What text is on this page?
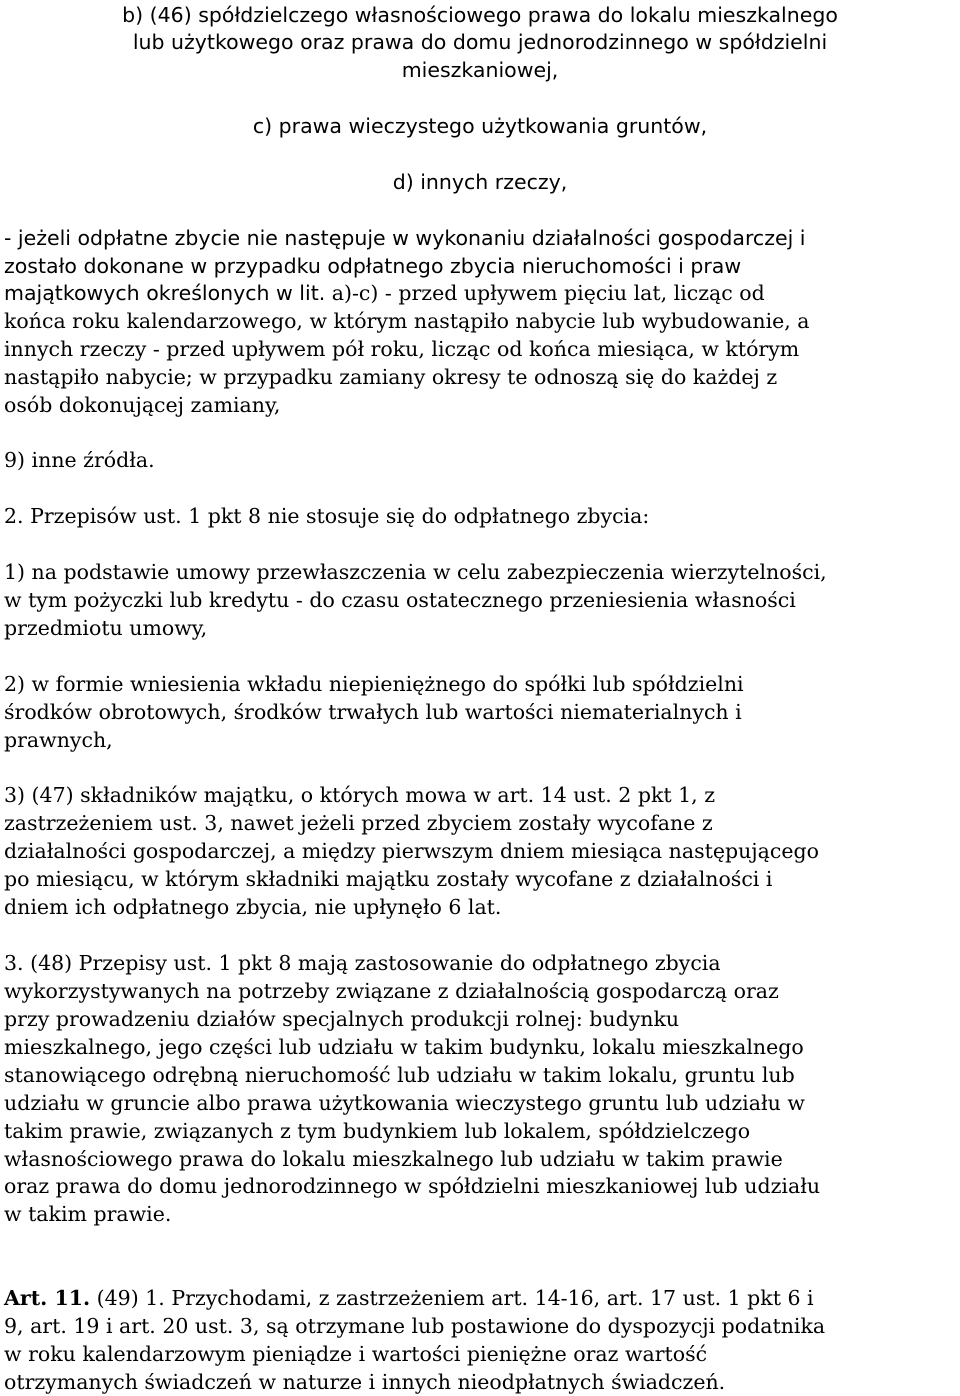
b) (46) spółdzielczego własnościowego prawa do lokalu mieszkalnego
lub użytkowego oraz prawa do domu jednorodzinnego w spółdzielni
mieszkaniowej,
c) prawa wieczystego użytkowania gruntów,
d) innych rzeczy,
- jeżeli odpłatne zbycie nie następuje w wykonaniu działalności gospodarczej i
zostało dokonane w przypadku odpłatnego zbycia nieruchomości i praw
majątkowych określonych w lit. a)-c) - przed upływem pięciu lat, licząc od
końca roku kalendarzowego, w którym nastąpiło nabycie lub wybudowanie, a
innych rzeczy - przed upływem pół roku, licząc od końca miesiąca, w którym
nastąpiło nabycie; w przypadku zamiany okresy te odnoszą się do każdej z
osób dokonującej zamiany,
9) inne źródła.
2. Przepisów ust. 1 pkt 8 nie stosuje się do odpłatnego zbycia:
1) na podstawie umowy przewłaszczenia w celu zabezpieczenia wierzytelności,
w tym pożyczki lub kredytu - do czasu ostatecznego przeniesienia własności
przedmiotu umowy,
2) w formie wniesienia wkładu niepieniężnego do spółki lub spółdzielni
środków obrotowych, środków trwałych lub wartości niematerialnych i
prawnych,
3) (47) składników majątku, o których mowa w art. 14 ust. 2 pkt 1, z
zastrzeżeniem ust. 3, nawet jeżeli przed zbyciem zostały wycofane z
działalności gospodarczej, a między pierwszym dniem miesiąca następującego
po miesiącu, w którym składniki majątku zostały wycofane z działalności i
dniem ich odpłatnego zbycia, nie upłynęło 6 lat.
3. (48) Przepisy ust. 1 pkt 8 mają zastosowanie do odpłatnego zbycia
wykorzystywanych na potrzeby związane z działalnością gospodarczą oraz
przy prowadzeniu działów specjalnych produkcji rolnej: budynku
mieszkalnego, jego części lub udziału w takim budynku, lokalu mieszkalnego
stanowiącego odrębną nieruchomość lub udziału w takim lokalu, gruntu lub
udziału w gruncie albo prawa użytkowania wieczystego gruntu lub udziału w
takim prawie, związanych z tym budynkiem lub lokalem, spółdzielczego
własnościowego prawa do lokalu mieszkalnego lub udziału w takim prawie
oraz prawa do domu jednorodzinnego w spółdzielni mieszkaniowej lub udziału
w takim prawie.
Art. 11. (49) 1. Przychodami, z zastrzeżeniem art. 14-16, art. 17 ust. 1 pkt 6 i
9, art. 19 i art. 20 ust. 3, są otrzymane lub postawione do dyspozycji podatnika
w roku kalendarzowym pieniądze i wartości pieniężne oraz wartość
otrzymanych świadczeń w naturze i innych nieodpłatnych świadczeń.
